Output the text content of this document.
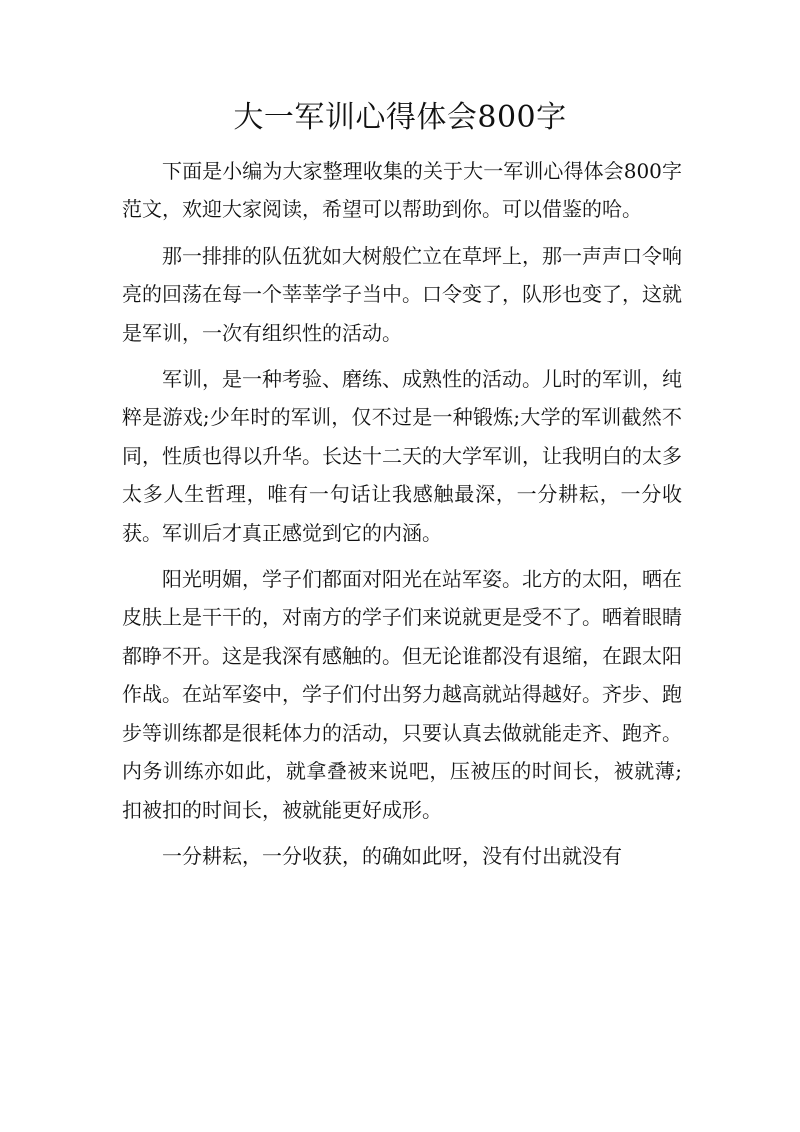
大一军训心得体会800字

下面是小编为大家整理收集的关于大一军训心得体会800字范文，欢迎大家阅读，希望可以帮助到你。可以借鉴的哈。

那一排排的队伍犹如大树般伫立在草坪上，那一声声口令响亮的回荡在每一个莘莘学子当中。口令变了，队形也变了，这就是军训，一次有组织性的活动。

军训，是一种考验、磨练、成熟性的活动。儿时的军训，纯粹是游戏;少年时的军训，仅不过是一种锻炼;大学的军训截然不同，性质也得以升华。长达十二天的大学军训，让我明白的太多太多人生哲理，唯有一句话让我感触最深，一分耕耘，一分收获。军训后才真正感觉到它的内涵。

阳光明媚，学子们都面对阳光在站军姿。北方的太阳，晒在皮肤上是干干的，对南方的学子们来说就更是受不了。晒着眼睛都睁不开。这是我深有感触的。但无论谁都没有退缩，在跟太阳作战。在站军姿中，学子们付出努力越高就站得越好。齐步、跑步等训练都是很耗体力的活动，只要认真去做就能走齐、跑齐。内务训练亦如此，就拿叠被来说吧，压被压的时间长，被就薄;扣被扣的时间长，被就能更好成形。

一分耕耘，一分收获，的确如此呀，没有付出就没有
